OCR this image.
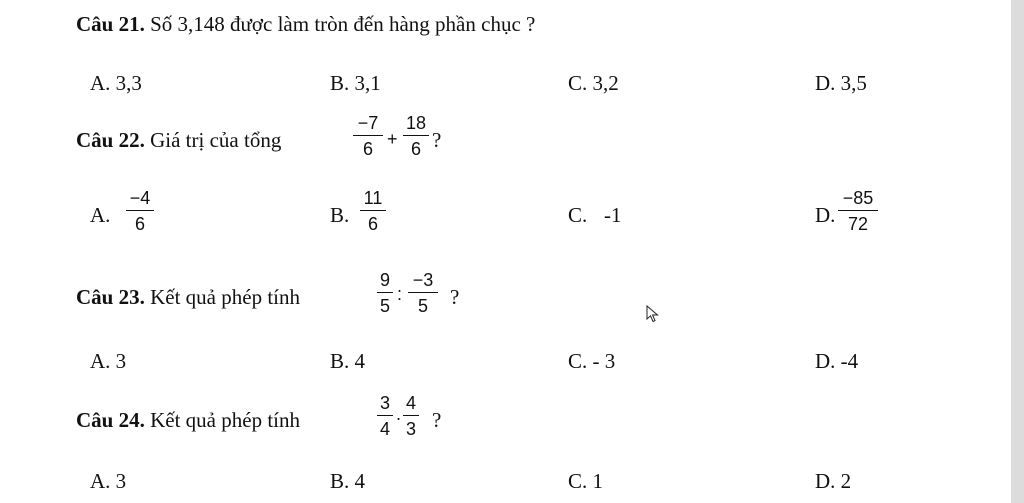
Câu 21. Số 3,148 được làm tròn đến hàng phần chục ?
A. 3,3	B. 3,1	C. 3,2	D. 3,5
Câu 22. Giá trị của tổng
−7
6 +
18
6 ?
A.
−4
6	B.
11
6	C. -1	D.
−85
72
Câu 23. Kết quả phép tính
9
5
:
−3
5	?
A. 3	B. 4	C. - 3	D. -4
Câu 24. Kết quả phép tính
3
4
.
4
3 ?
A. 3	B. 4	C. 1	D. 2
